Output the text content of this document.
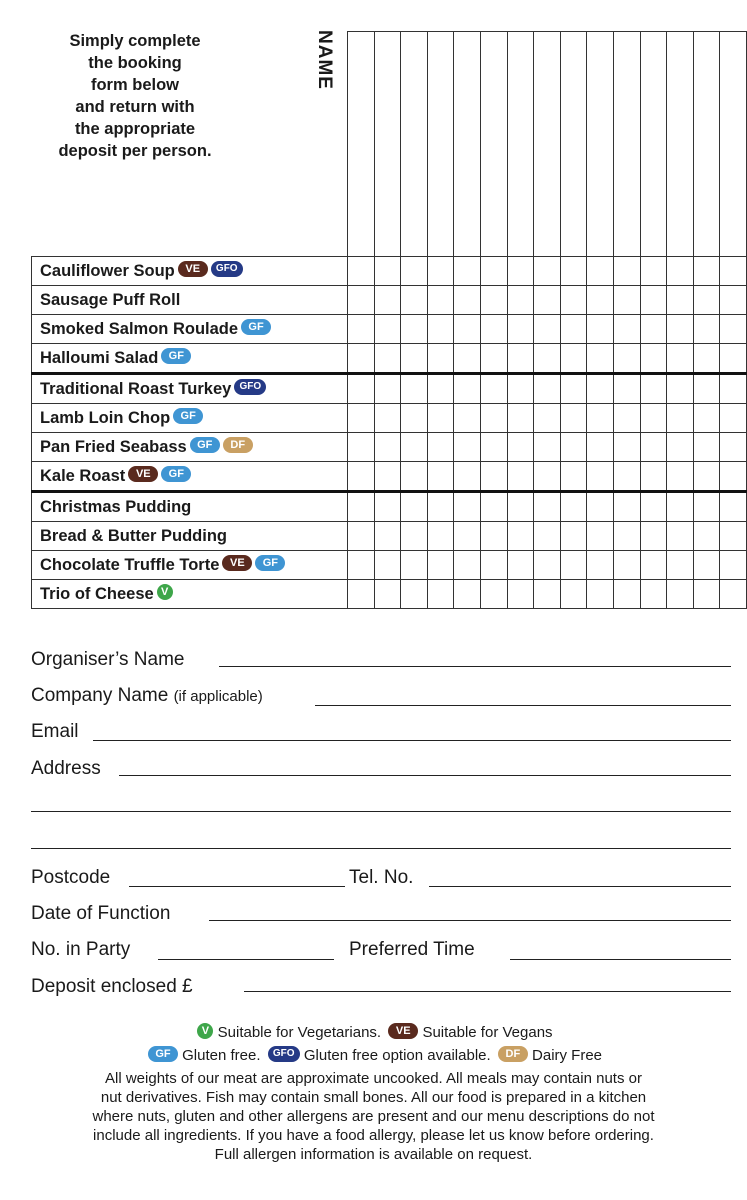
Simply complete
the booking
form below
and return with
the appropriate
deposit per person.
NAME

Cauliflower Soup VE GFO															
Sausage Puff Roll															
Smoked Salmon Roulade GF															
Halloumi Salad GF															
Traditional Roast Turkey GFO															
Lamb Loin Chop GF															
Pan Fried Seabass GF DF															
Kale Roast VE GF															
Christmas Pudding															
Bread & Butter Pudding															
Chocolate Truffle Torte VE GF															
Trio of Cheese V															
Organiser’s Name
Company Name (if applicable)
Email
Address
Postcode	Tel. No.
Date of Function
No. in Party	Preferred Time
Deposit enclosed £
V Suitable for Vegetarians. VE Suitable for Vegans
GF Gluten free. GFO Gluten free option available. DF Dairy Free
All weights of our meat are approximate uncooked. All meals may contain nuts or
nut derivatives. Fish may contain small bones. All our food is prepared in a kitchen
where nuts, gluten and other allergens are present and our menu descriptions do not
include all ingredients. If you have a food allergy, please let us know before ordering.
Full allergen information is available on request.
